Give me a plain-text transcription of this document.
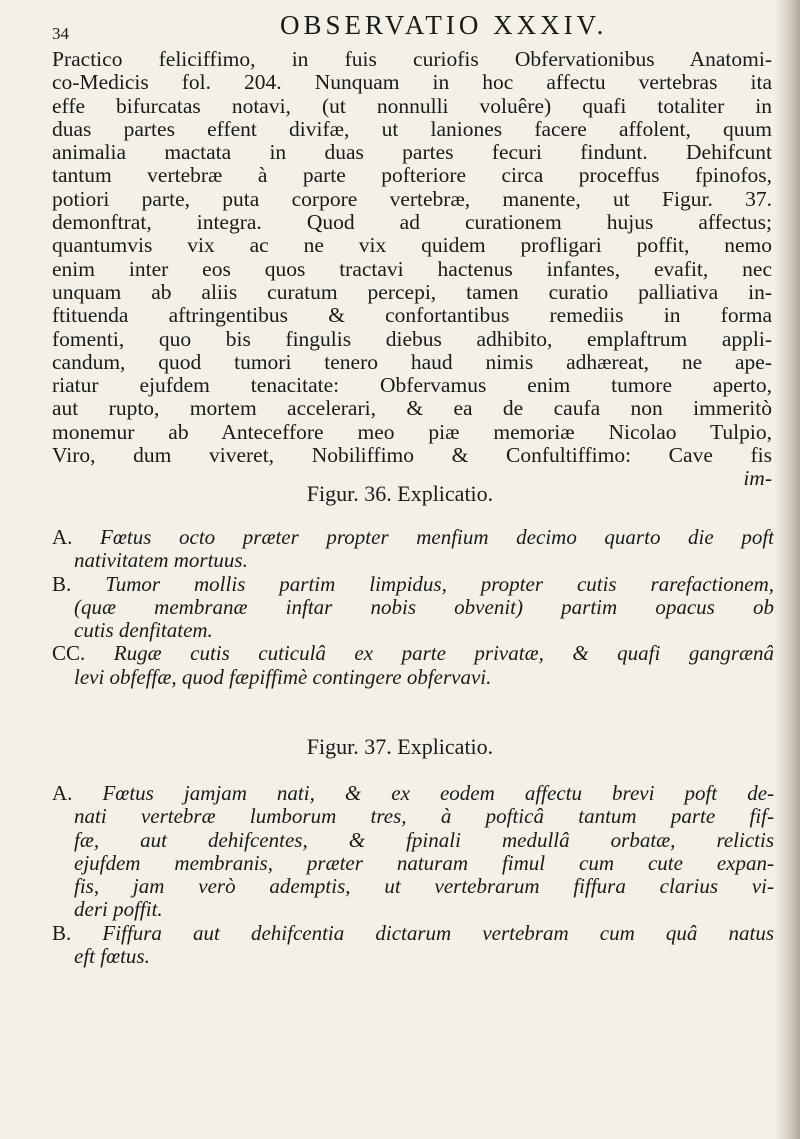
34	OBSERVATIO XXXIV.
Practico feliciffimo, in fuis curiofis Obfervationibus Anatomi-
co-Medicis fol. 204. Nunquam in hoc affectu vertebras ita
effe bifurcatas notavi, (ut nonnulli voluêre) quafi totaliter in
duas partes effent divifæ, ut laniones facere affolent, quum
animalia mactata in duas partes fecuri findunt. Dehifcunt
tantum vertebræ à parte pofteriore circa proceffus fpinofos,
potiori parte, puta corpore vertebræ, manente, ut Figur. 37.
demonftrat, integra. Quod ad curationem hujus affectus;
quantumvis vix ac ne vix quidem profligari poffit, nemo
enim inter eos quos tractavi hactenus infantes, evafit, nec
unquam ab aliis curatum percepi, tamen curatio palliativa in-
ftituenda aftringentibus & confortantibus remediis in forma
fomenti, quo bis fingulis diebus adhibito, emplaftrum appli-
candum, quod tumori tenero haud nimis adhæreat, ne ape-
riatur ejufdem tenacitate: Obfervamus enim tumore aperto,
aut rupto, mortem accelerari, & ea de caufa non immeritò
monemur ab Anteceffore meo piæ memoriæ Nicolao Tulpio,
Viro, dum viveret, Nobiliffimo & Confultiffimo: Cave fis
im-
Figur. 36. Explicatio.
A. Fœtus octo præter propter menfium decimo quarto die poft
nativitatem mortuus.
B. Tumor mollis partim limpidus, propter cutis rarefactionem,
(quæ membranæ inftar nobis obvenit) partim opacus ob
cutis denfitatem.
CC. Rugæ cutis cuticulâ ex parte privatæ, & quafi gangrænâ
levi obfeffæ, quod fæpiffimè contingere obfervavi.
Figur. 37. Explicatio.
A. Fœtus jamjam nati, & ex eodem affectu brevi poft de-
nati vertebræ lumborum tres, à pofticâ tantum parte fif-
fæ, aut dehifcentes, & fpinali medullâ orbatæ, relictis
ejufdem membranis, præter naturam fimul cum cute expan-
fis, jam verò ademptis, ut vertebrarum fiffura clarius vi-
deri poffit.
B. Fiffura aut dehifcentia dictarum vertebram cum quâ natus
eft fœtus.
